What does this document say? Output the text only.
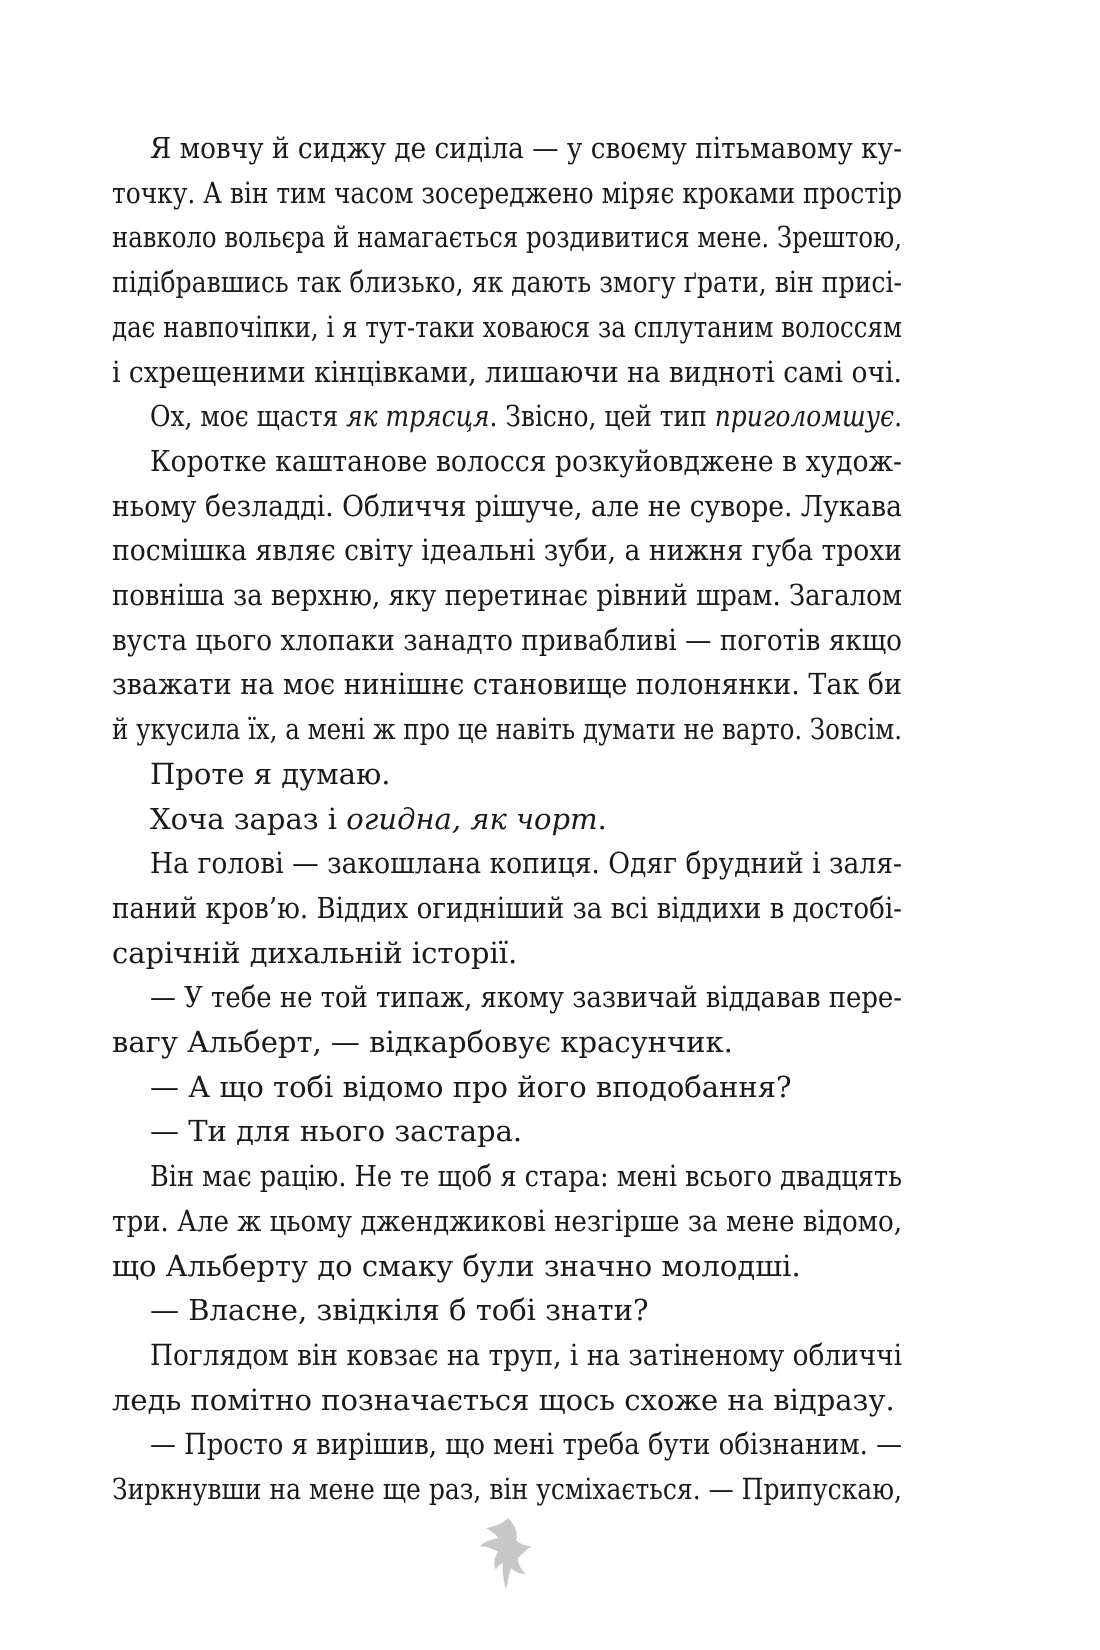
Я мовчу й сиджу де сиділа — у своєму пітьмавому ку-
точку. А він тим часом зосереджено міряє кроками простір
навколо вольєра й намагається роздивитися мене. Зрештою,
підібравшись так близько, як дають змогу ґрати, він присі-
дає навпочіпки, і я тут-таки ховаюся за сплутаним волоссям
і схрещеними кінцівками, лишаючи на видноті самі очі.
Ох, моє щастя як трясця. Звісно, цей тип приголомшує.
Коротке каштанове волосся розкуйовджене в худож-
ньому безладді. Обличчя рішуче, але не суворе. Лукава
посмішка являє світу ідеальні зуби, а нижня губа трохи
повніша за верхню, яку перетинає рівний шрам. Загалом
вуста цього хлопаки занадто привабливі — поготів якщо
зважати на моє нинішнє становище полонянки. Так би
й укусила їх, а мені ж про це навіть думати не варто. Зовсім.
Проте я думаю.
Хоча зараз і огидна, як чорт.
На голові — закошлана копиця. Одяг брудний і заля-
паний кров’ю. Віддих огидніший за всі віддихи в достобі-
сарічній дихальній історії.
— У тебе не той типаж, якому зазвичай віддавав пере-
вагу Альберт, — відкарбовує красунчик.
— А що тобі відомо про його вподобання?
— Ти для нього застара.
Він має рацію. Не те щоб я стара: мені всього двадцять
три. Але ж цьому дженджикові незгірше за мене відомо,
що Альберту до смаку були значно молодші.
— Власне, звідкіля б тобі знати?
Поглядом він ковзає на труп, і на затіненому обличчі
ледь помітно позначається щось схоже на відразу.
— Просто я вирішив, що мені треба бути обізнаним. —
Зиркнувши на мене ще раз, він усміхається. — Припускаю,
